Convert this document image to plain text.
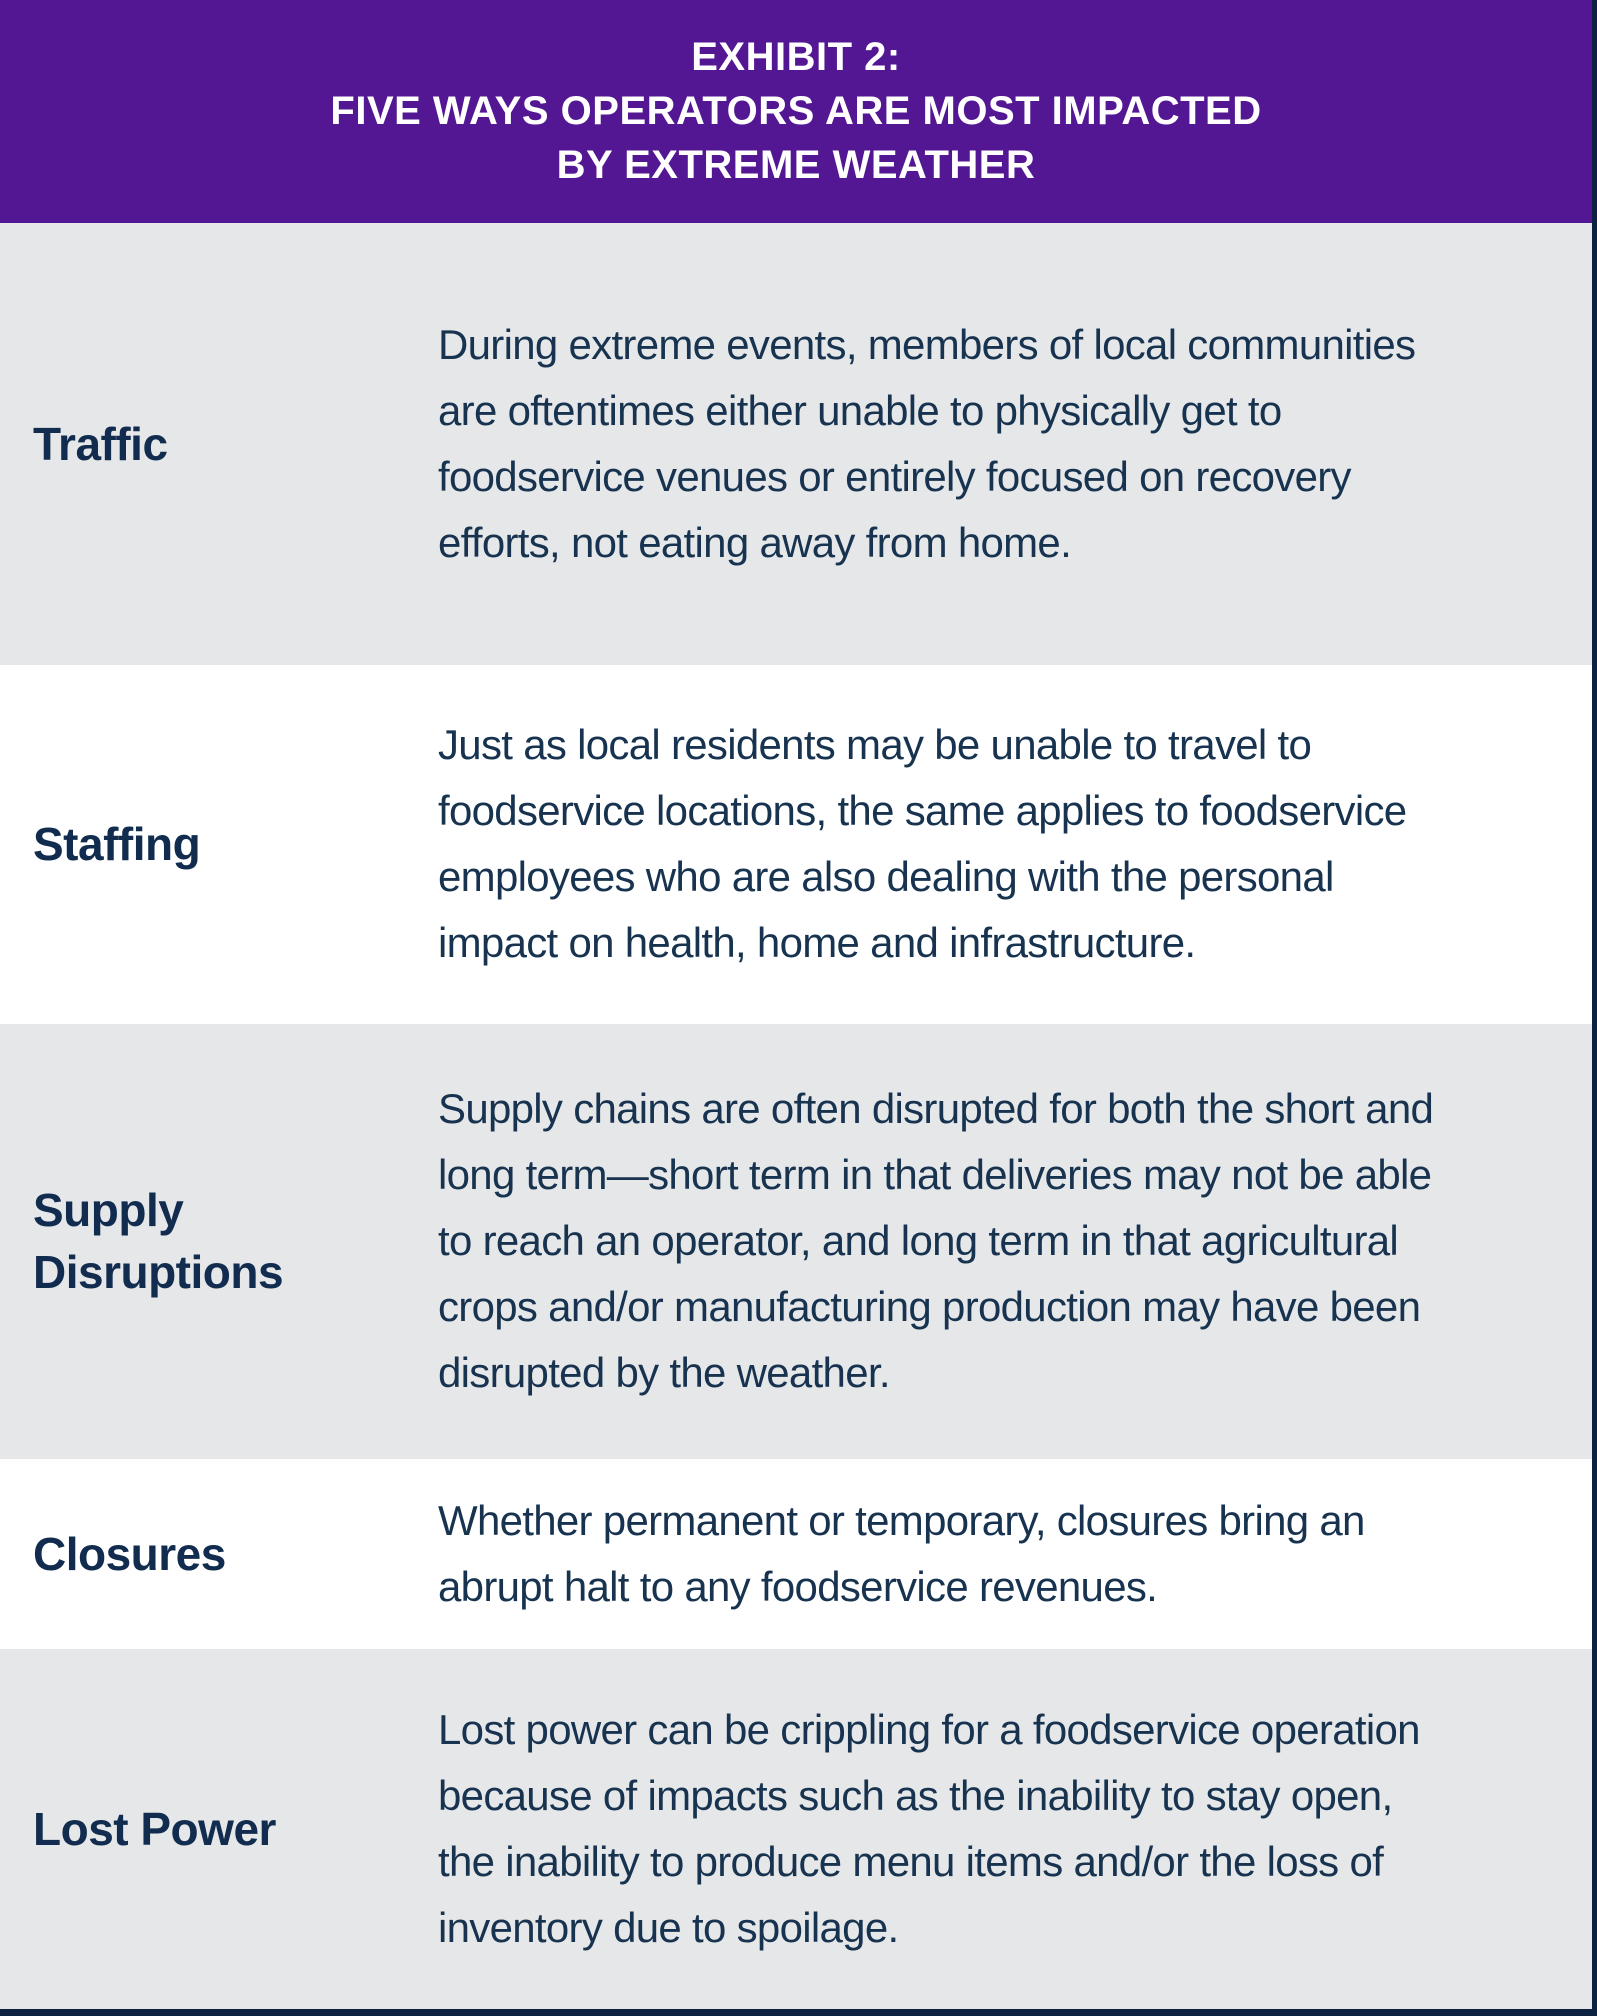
EXHIBIT 2:
FIVE WAYS OPERATORS ARE MOST IMPACTED
BY EXTREME WEATHER
Traffic
During extreme events, members of local communities are oftentimes either unable to physically get to foodservice venues or entirely focused on recovery efforts, not eating away from home.
Staffing
Just as local residents may be unable to travel to foodservice locations, the same applies to foodservice employees who are also dealing with the personal impact on health, home and infrastructure.
Supply Disruptions
Supply chains are often disrupted for both the short and long term—short term in that deliveries may not be able to reach an operator, and long term in that agricultural crops and/or manufacturing production may have been disrupted by the weather.
Closures
Whether permanent or temporary, closures bring an abrupt halt to any foodservice revenues.
Lost Power
Lost power can be crippling for a foodservice operation because of impacts such as the inability to stay open, the inability to produce menu items and/or the loss of inventory due to spoilage.
